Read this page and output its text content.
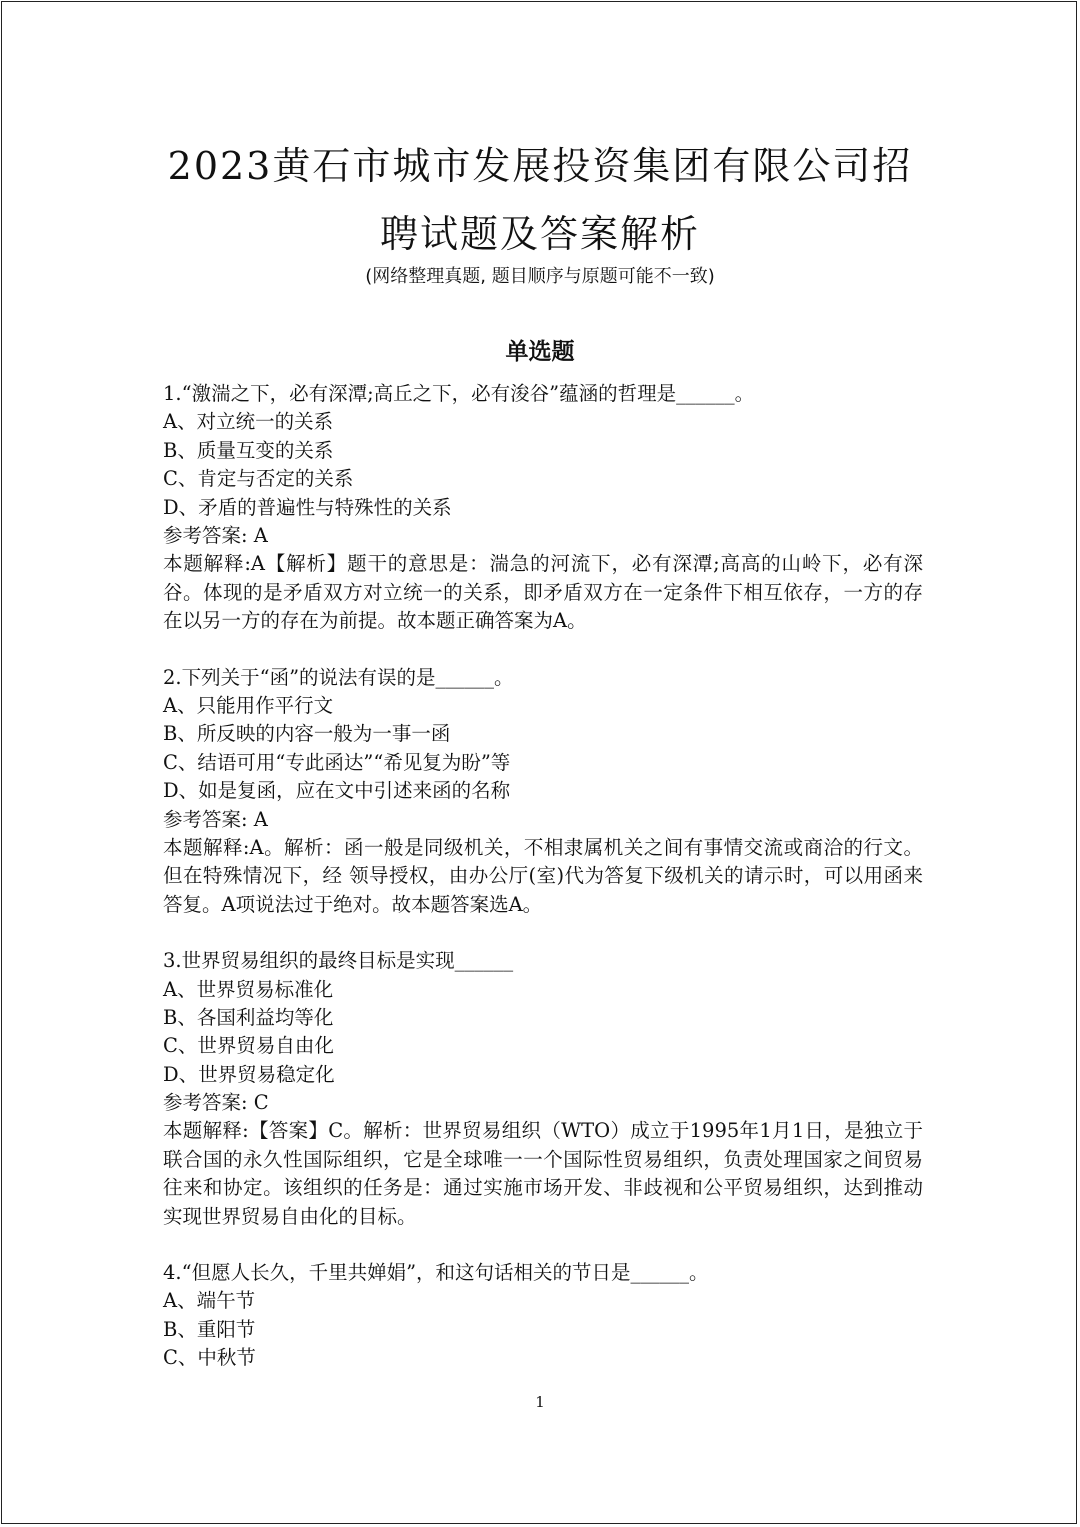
2023黄石市城市发展投资集团有限公司招
聘试题及答案解析
(网络整理真题, 题目顺序与原题可能不一致)
单选题
1.“激湍之下，必有深潭;高丘之下，必有浚谷”蕴涵的哲理是______。
A、对立统一的关系
B、质量互变的关系
C、肯定与否定的关系
D、矛盾的普遍性与特殊性的关系
参考答案: A
本题解释:A【解析】题干的意思是：湍急的河流下，必有深潭;高高的山岭下，必有深谷。体现的是矛盾双方对立统一的关系，即矛盾双方在一定条件下相互依存，一方的存在以另一方的存在为前提。故本题正确答案为A。
2.下列关于“函”的说法有误的是______。
A、只能用作平行文
B、所反映的内容一般为一事一函
C、结语可用“专此函达”“希见复为盼”等
D、如是复函，应在文中引述来函的名称
参考答案: A
本题解释:A。解析：函一般是同级机关，不相隶属机关之间有事情交流或商洽的行文。但在特殊情况下，经 领导授权，由办公厅(室)代为答复下级机关的请示时，可以用函来答复。A项说法过于绝对。故本题答案选A。
3.世界贸易组织的最终目标是实现______
A、世界贸易标准化
B、各国利益均等化
C、世界贸易自由化
D、世界贸易稳定化
参考答案: C
本题解释:【答案】C。解析：世界贸易组织（WTO）成立于1995年1月1日，是独立于联合国的永久性国际组织，它是全球唯一一个国际性贸易组织，负责处理国家之间贸易往来和协定。该组织的任务是：通过实施市场开发、非歧视和公平贸易组织，达到推动实现世界贸易自由化的目标。
4.“但愿人长久，千里共婵娟”，和这句话相关的节日是______。
A、端午节
B、重阳节
C、中秋节
1
